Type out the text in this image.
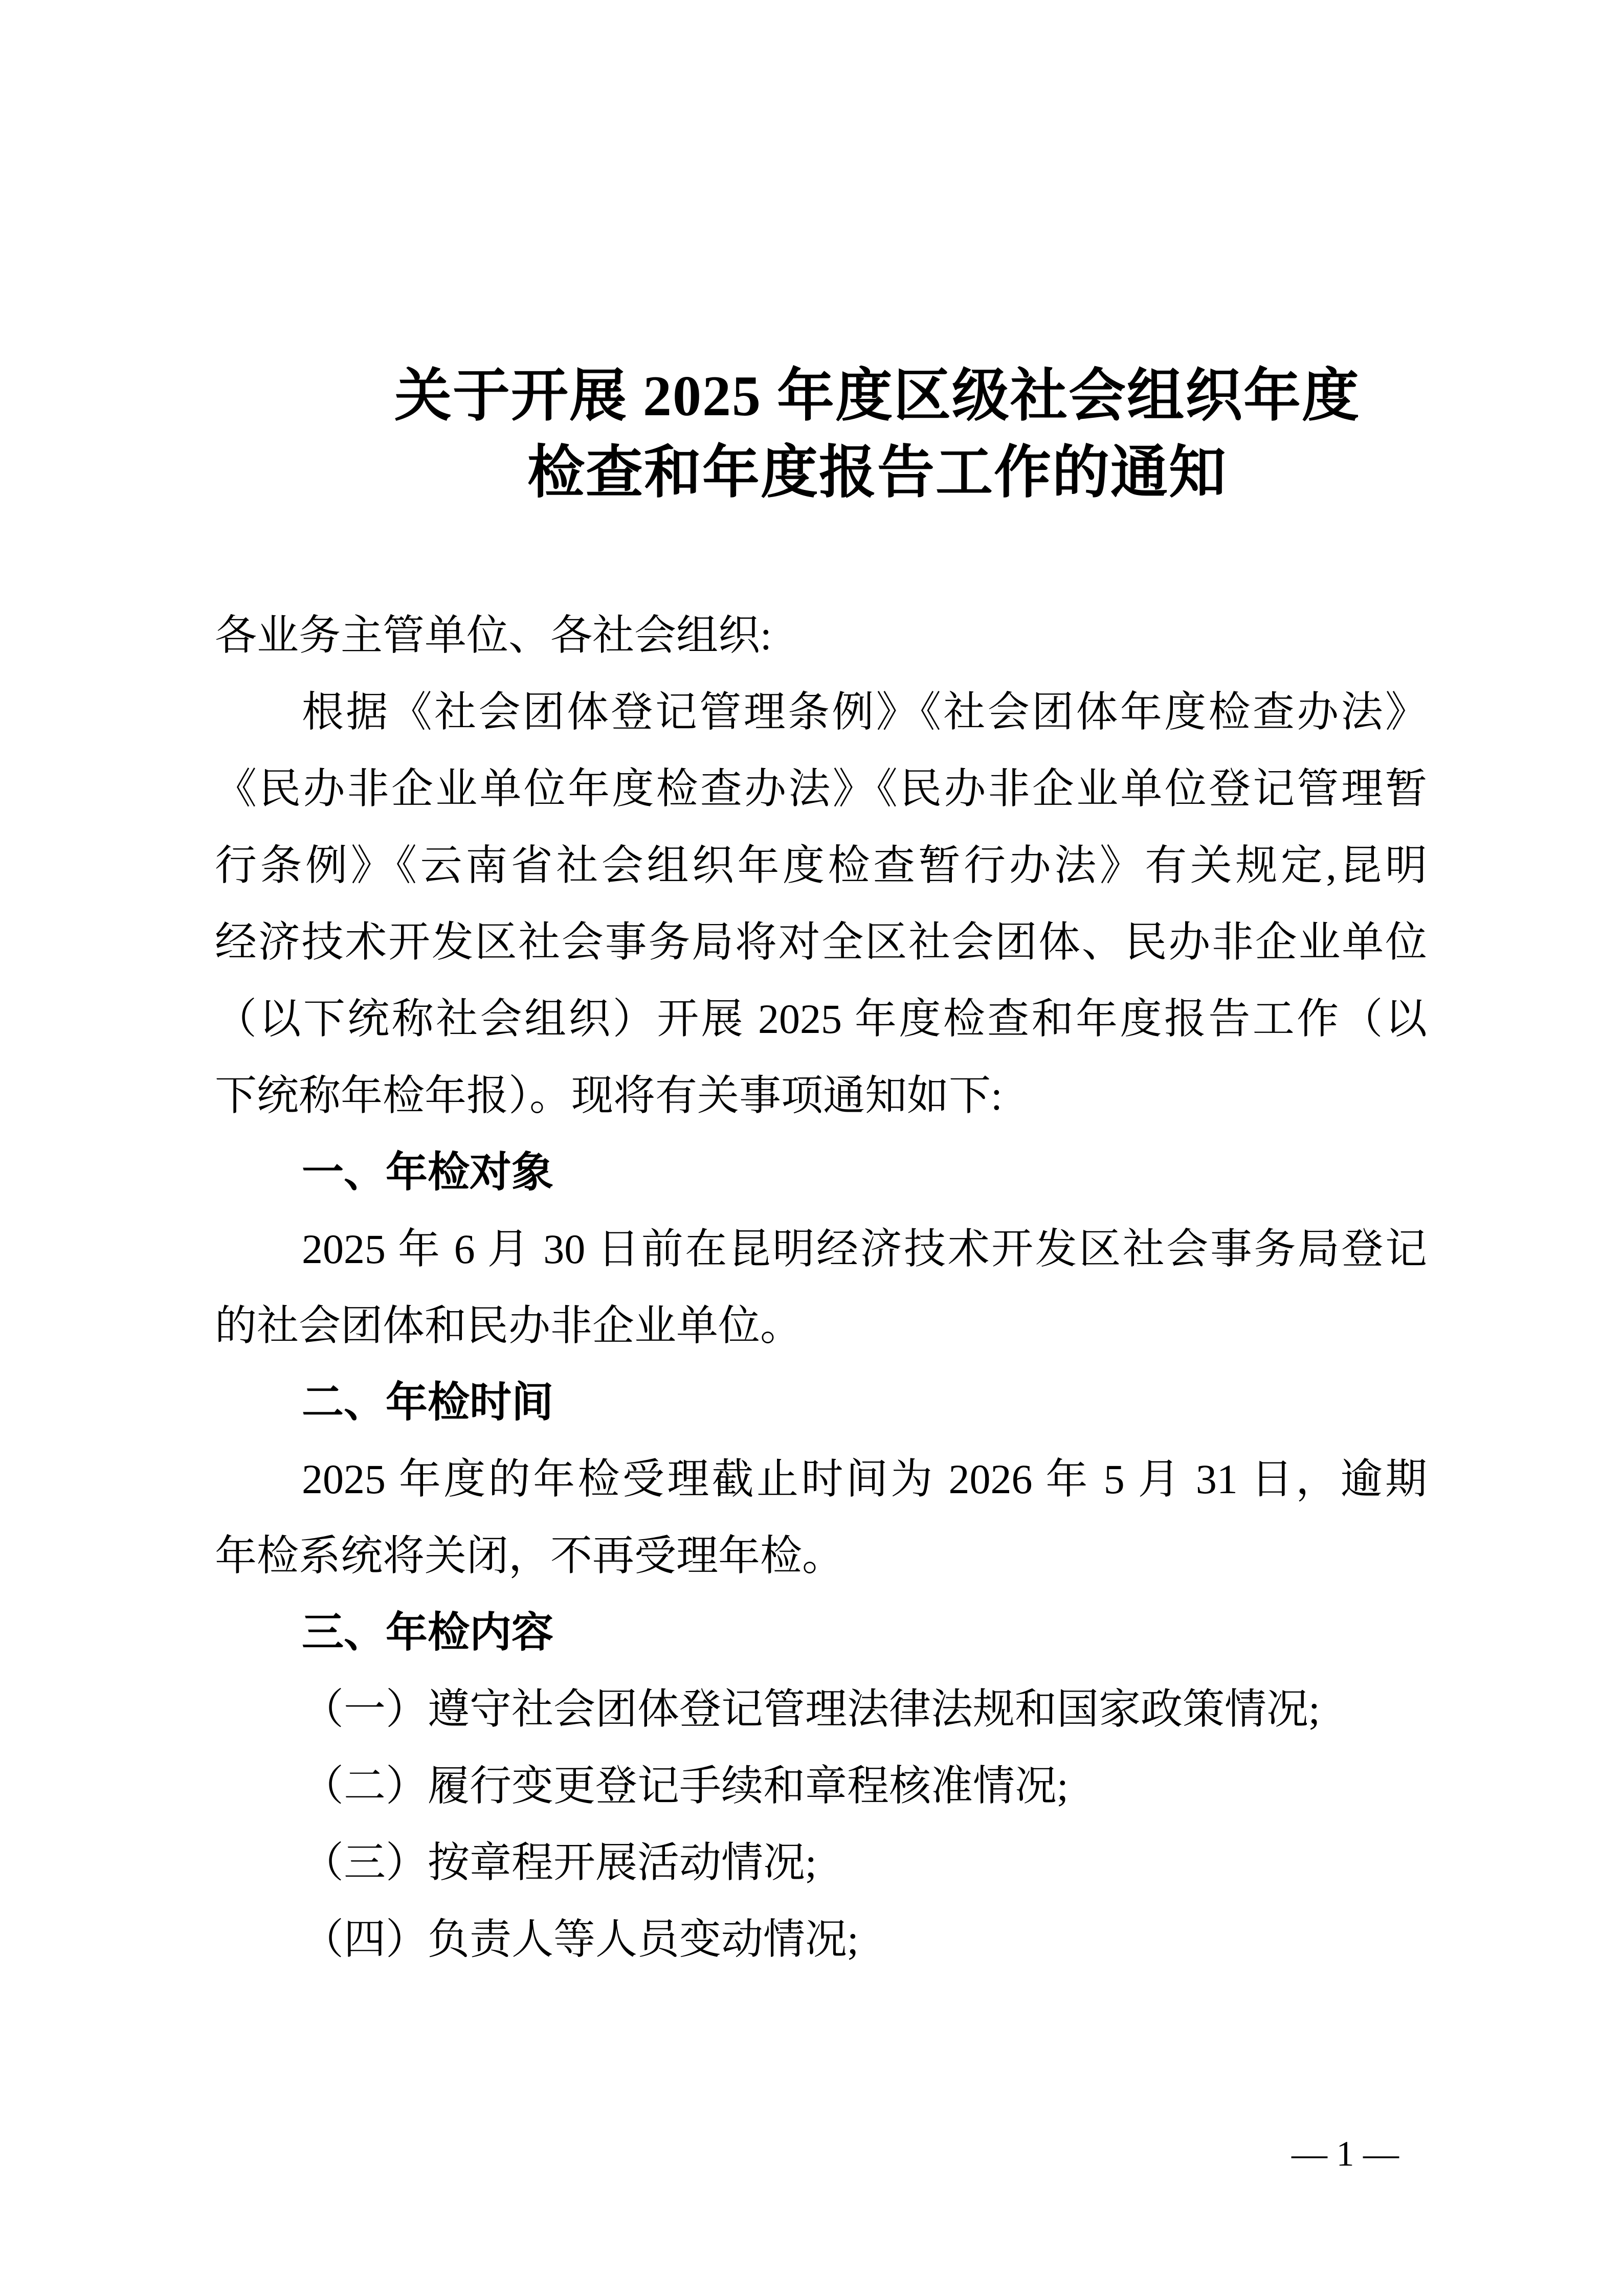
关于开展 2025 年度区级社会组织年度
检查和年度报告工作的通知
各业务主管单位、各社会组织:
根据《社会团体登记管理条例》《社会团体年度检查办法》
《民办非企业单位年度检查办法》《民办非企业单位登记管理暂
行条例》《云南省社会组织年度检查暂行办法》有关规定,昆明
经济技术开发区社会事务局将对全区社会团体、民办非企业单位
（以下统称社会组织）开展 2025 年度检查和年度报告工作（以
下统称年检年报）。现将有关事项通知如下:
一、年检对象
2025 年 6 月 30 日前在昆明经济技术开发区社会事务局登记
的社会团体和民办非企业单位。
二、年检时间
2025 年度的年检受理截止时间为 2026 年 5 月 31 日，逾期
年检系统将关闭，不再受理年检。
三、年检内容
（一）遵守社会团体登记管理法律法规和国家政策情况;
（二）履行变更登记手续和章程核准情况;
（三）按章程开展活动情况;
（四）负责人等人员变动情况;
— 1 —
